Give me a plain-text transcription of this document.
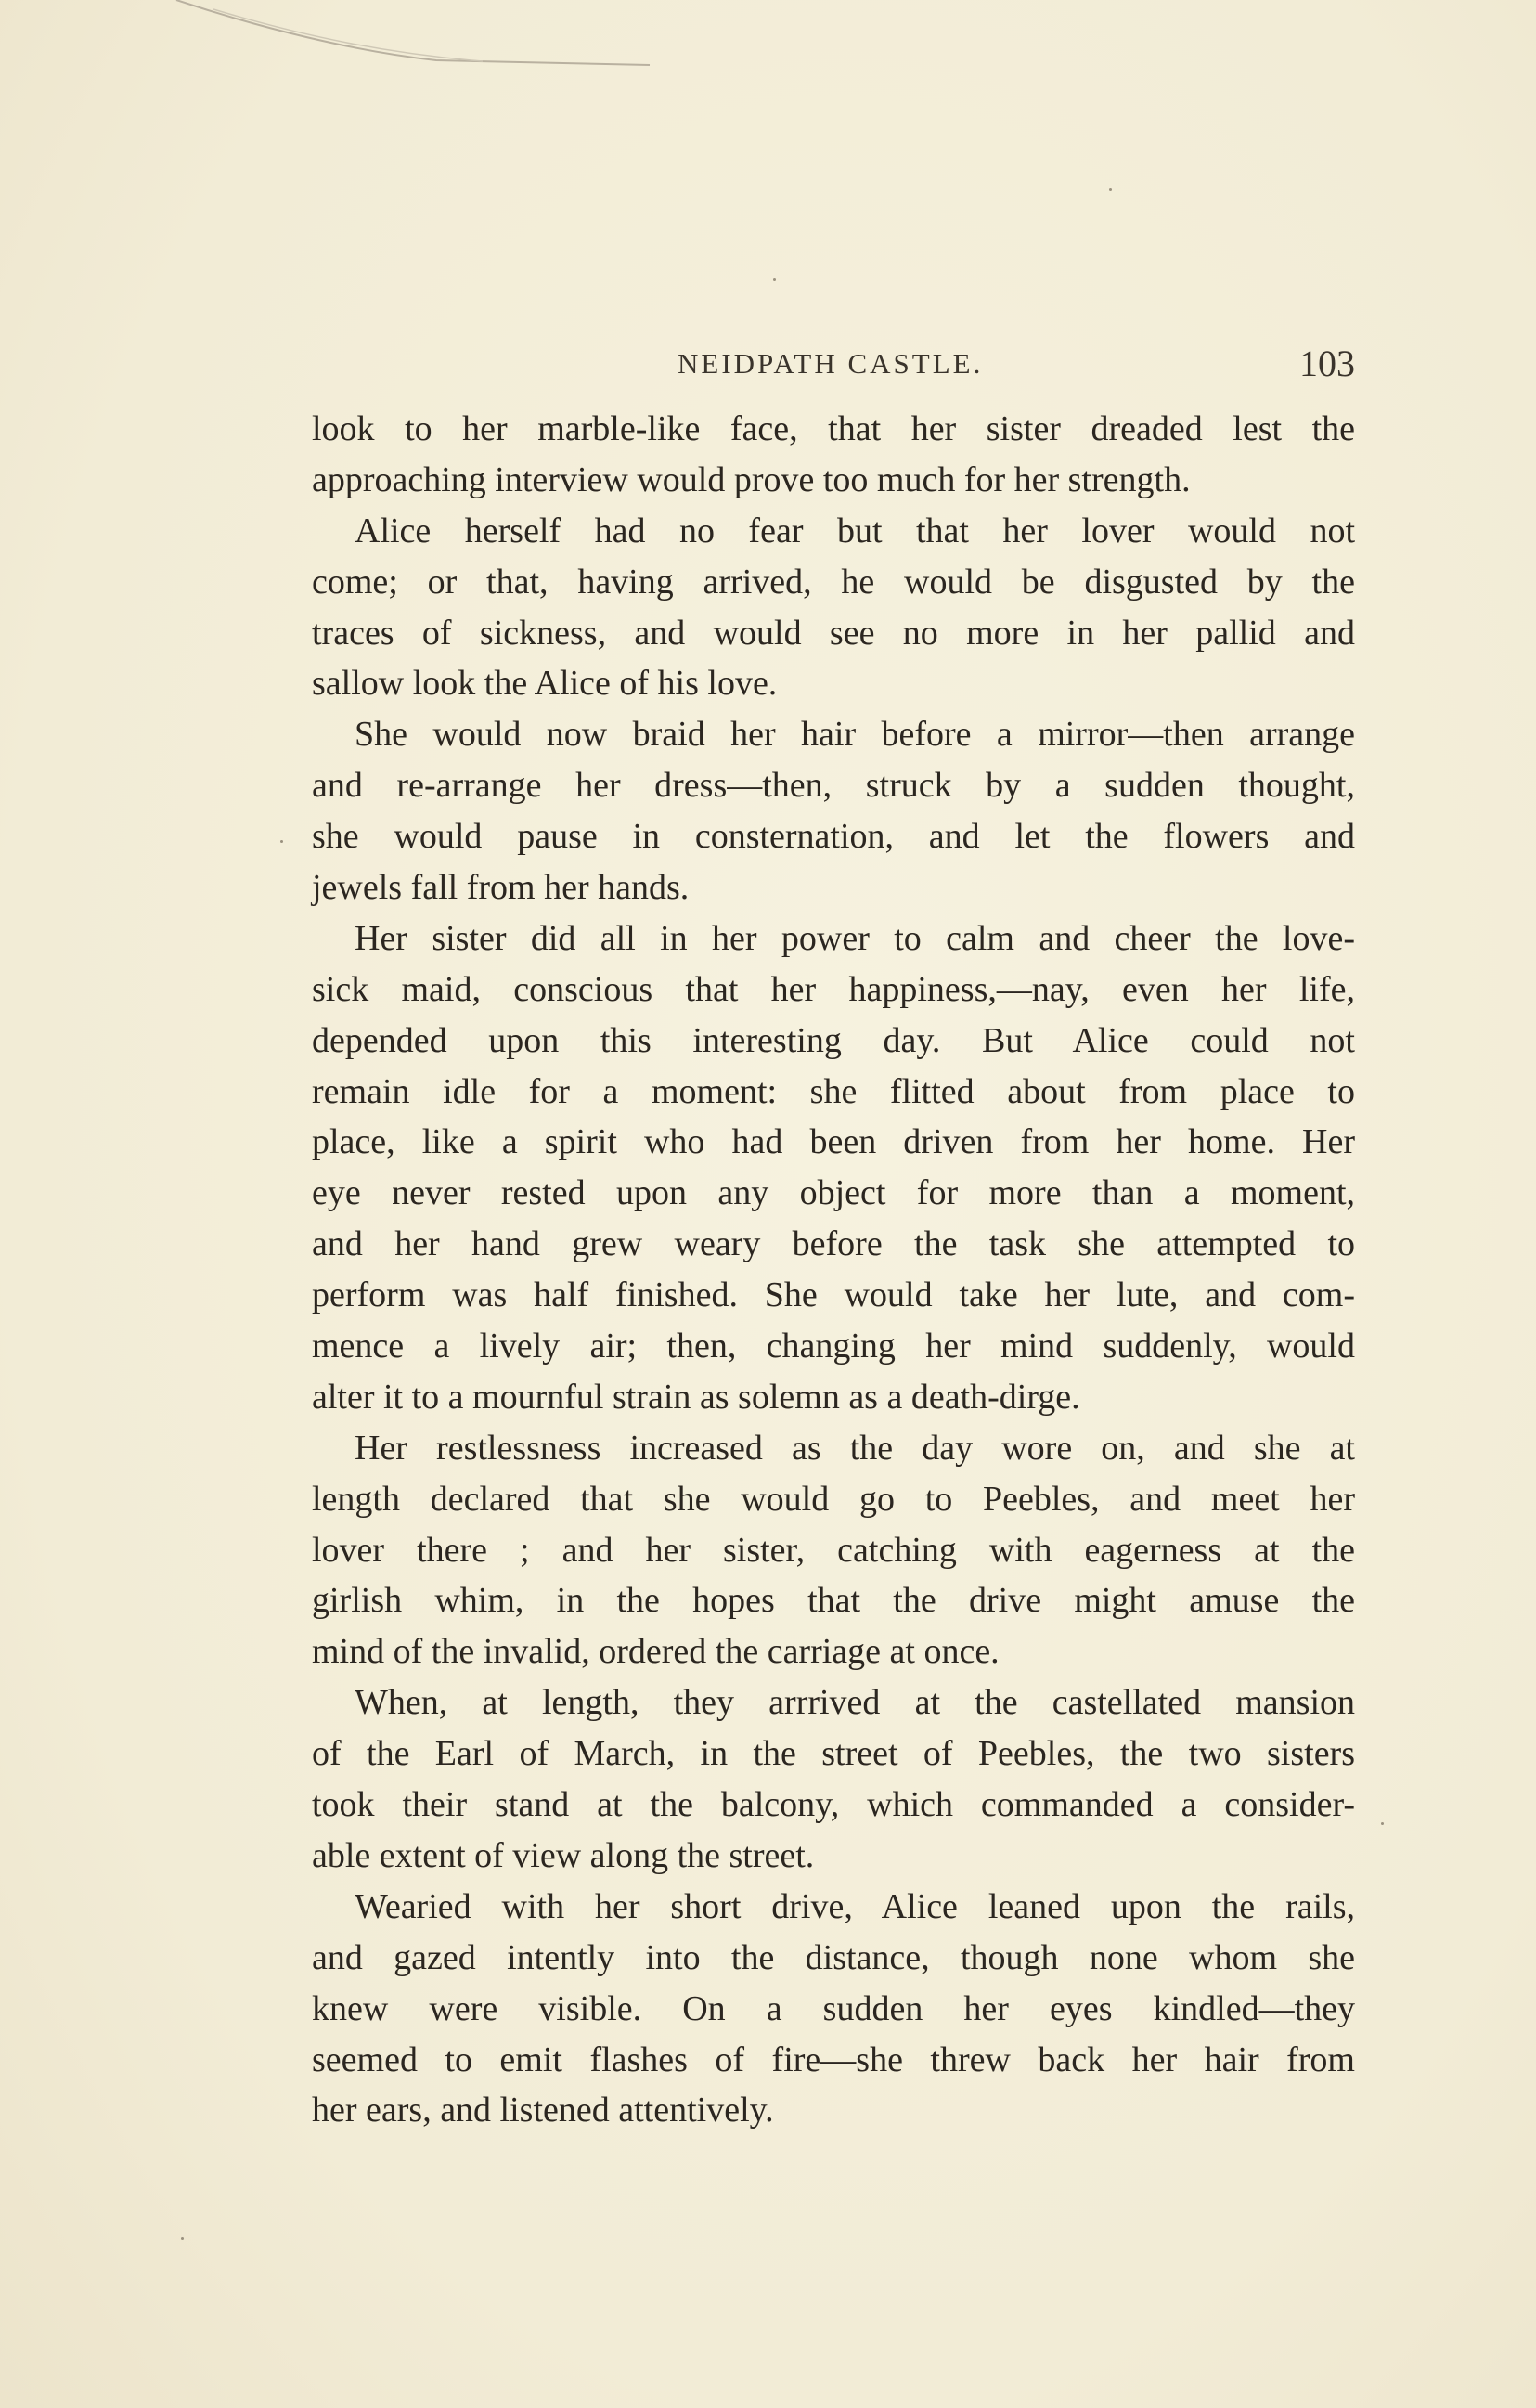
NEIDPATH CASTLE.	103
look to her marble-like face, that her sister dreaded lest the
approaching interview would prove too much for her strength.
Alice herself had no fear but that her lover would not
come; or that, having arrived, he would be disgusted by the
traces of sickness, and would see no more in her pallid and
sallow look the Alice of his love.
She would now braid her hair before a mirror—then arrange
and re-arrange her dress—then, struck by a sudden thought,
she would pause in consternation, and let the flowers and
jewels fall from her hands.
Her sister did all in her power to calm and cheer the love-
sick maid, conscious that her happiness,—nay, even her life,
depended upon this interesting day. But Alice could not
remain idle for a moment: she flitted about from place to
place, like a spirit who had been driven from her home. Her
eye never rested upon any object for more than a moment,
and her hand grew weary before the task she attempted to
perform was half finished. She would take her lute, and com-
mence a lively air; then, changing her mind suddenly, would
alter it to a mournful strain as solemn as a death-dirge.
Her restlessness increased as the day wore on, and she at
length declared that she would go to Peebles, and meet her
lover there ; and her sister, catching with eagerness at the
girlish whim, in the hopes that the drive might amuse the
mind of the invalid, ordered the carriage at once.
When, at length, they arrrived at the castellated mansion
of the Earl of March, in the street of Peebles, the two sisters
took their stand at the balcony, which commanded a consider-
able extent of view along the street.
Wearied with her short drive, Alice leaned upon the rails,
and gazed intently into the distance, though none whom she
knew were visible. On a sudden her eyes kindled—they
seemed to emit flashes of fire—she threw back her hair from
her ears, and listened attentively.
